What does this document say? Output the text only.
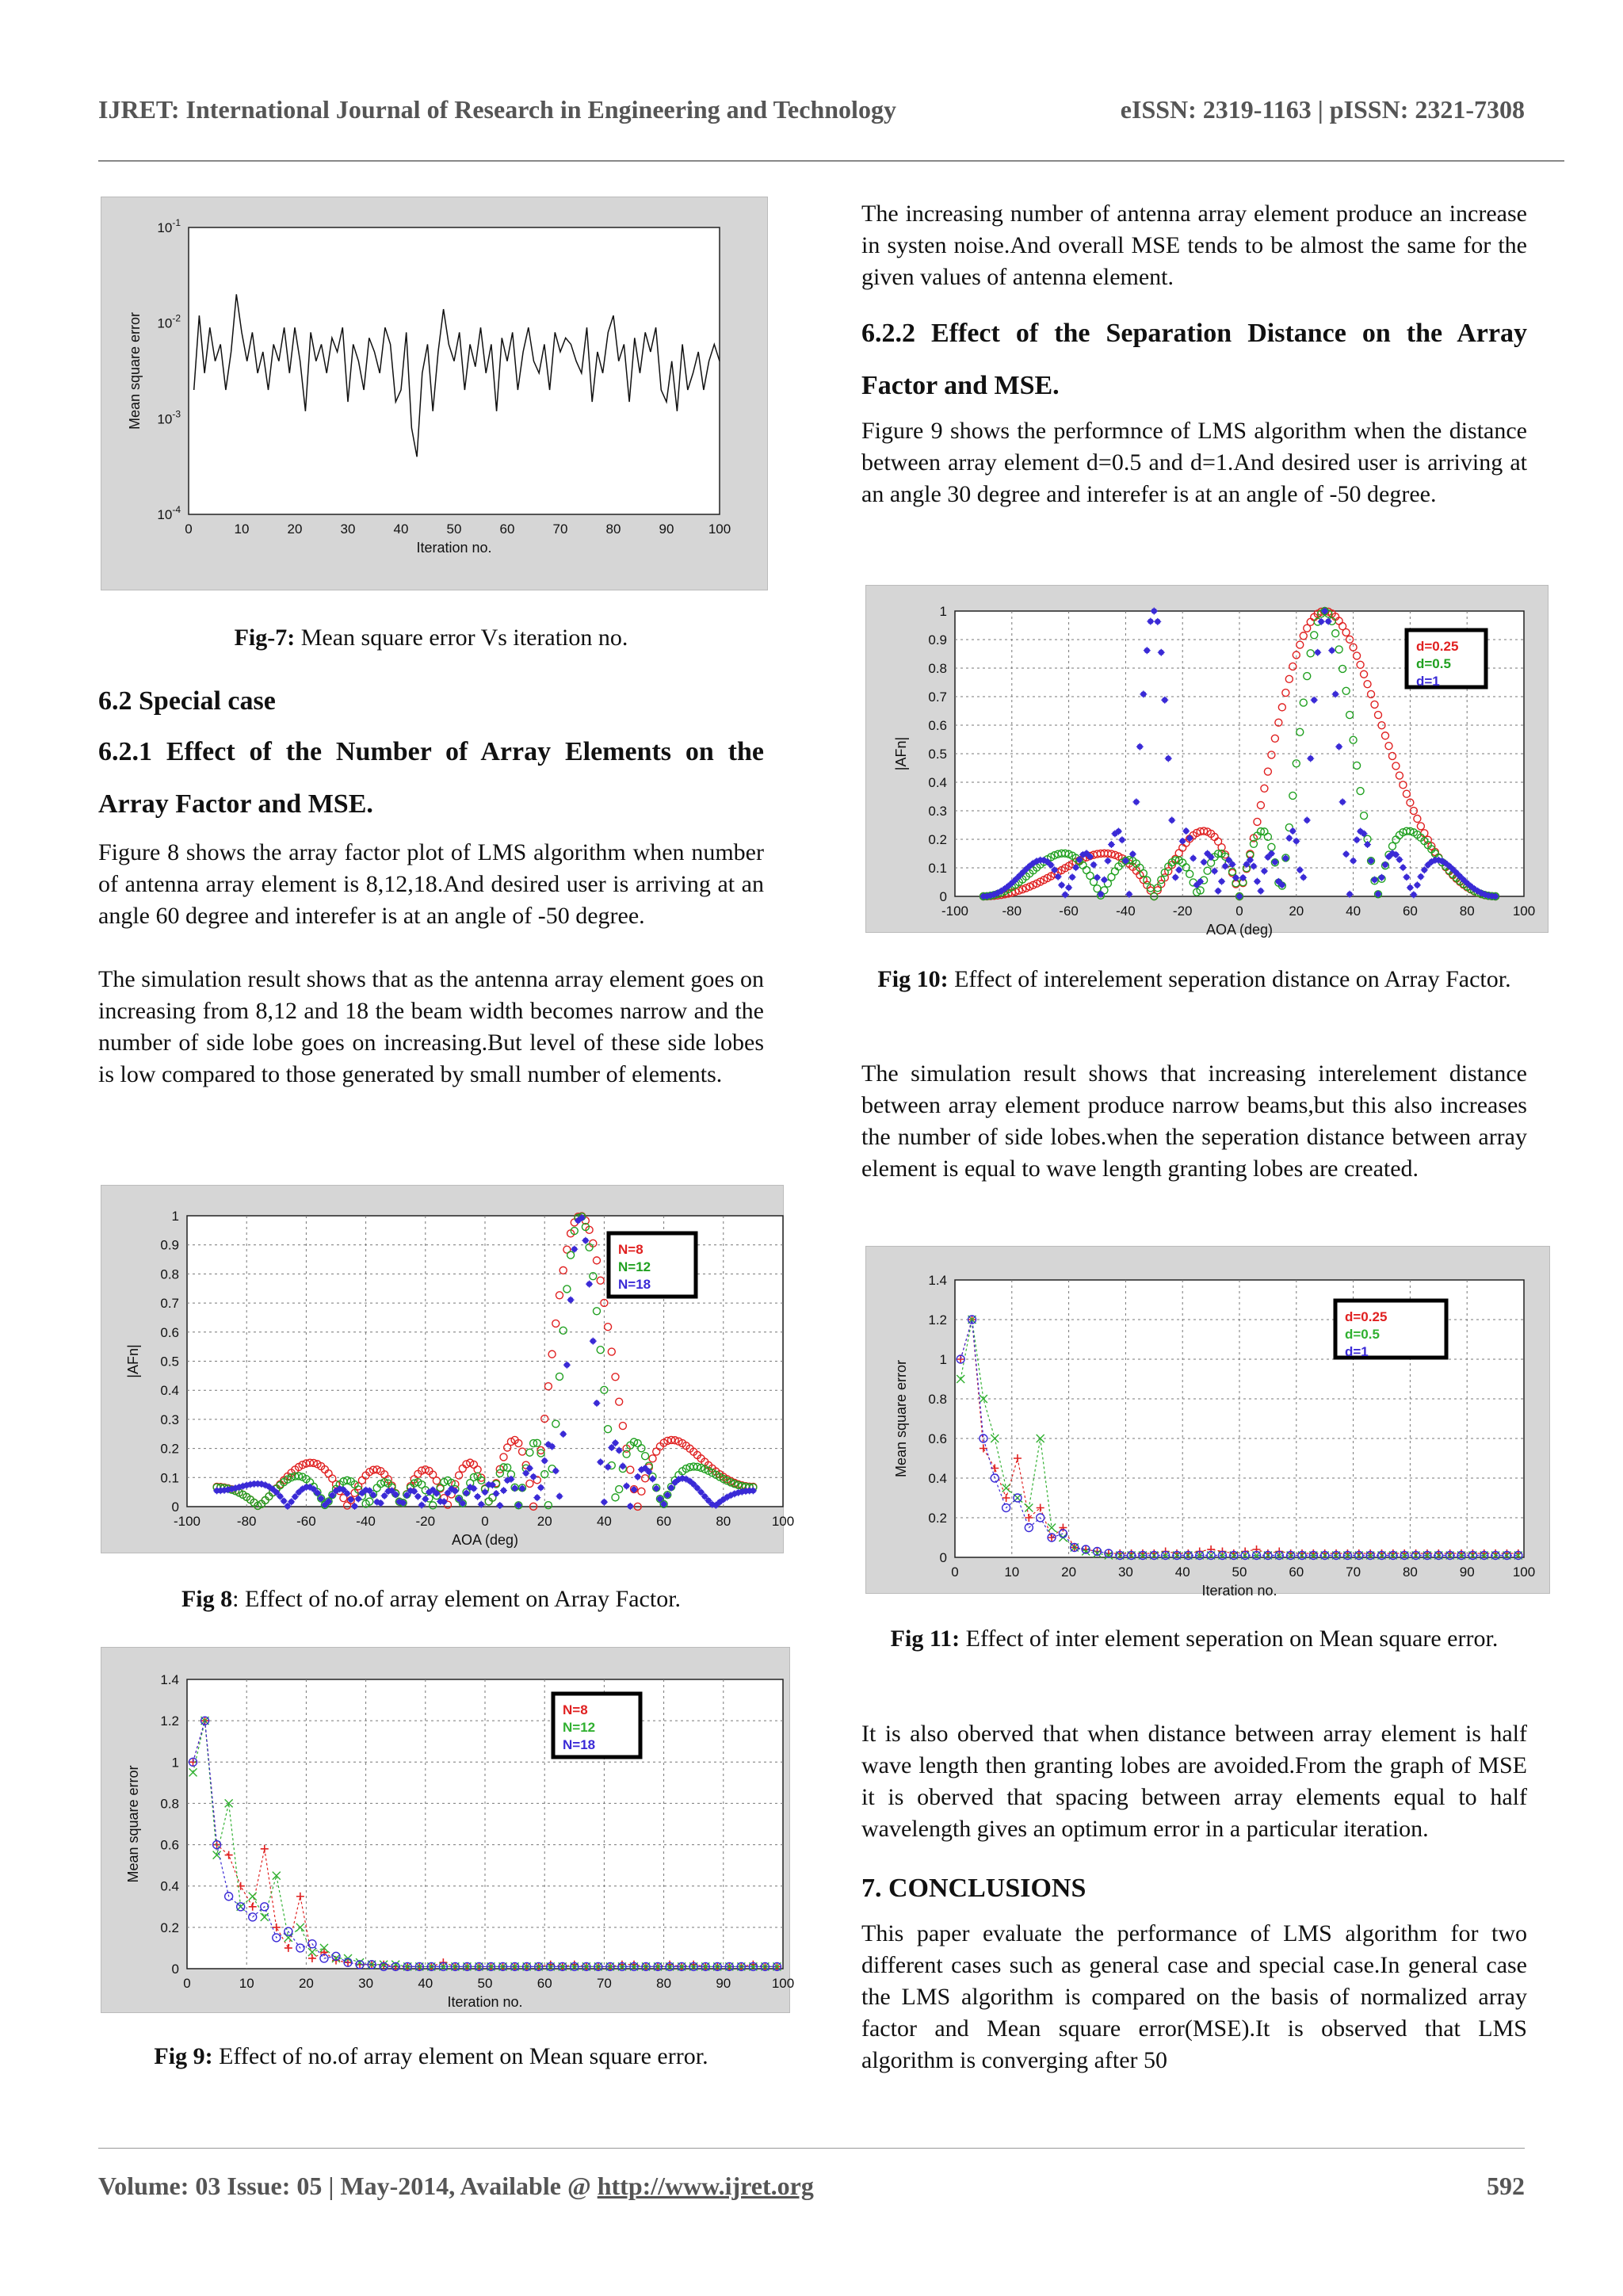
IJRET: International Journal of Research in Engineering and Technology	eISSN: 2319-1163 | pISSN: 2321-7308
0	10	20	30	40	50	60	70	80	90	100
$10^{-4}$
$10^{-3}$
$10^{-2}$
$10^{-1}$
Iteration no.
Mean square error
Fig-7: Mean square error Vs iteration no.

6.2 Special case

6.2.1 Effect of the Number of Array Elements on the Array Factor and MSE.

Figure 8 shows the array factor plot of LMS algorithm when number of antenna array element is 8,12,18.And desired user is arriving at an angle 60 degree and interefer is at an angle of -50 degree.

The simulation result shows that as the antenna array element goes on increasing from 8,12 and 18 the beam width becomes narrow and the number of side lobe goes on increasing.But level of these side lobes is low compared to those generated by small number of elements.

-100	-80	-60	-40	-20	0	20	40	60	80	100
0
0.1
0.2
0.3
0.4
0.5
0.6
0.7
0.8
0.9
1
AOA (deg)
|AFn|
N=8
N=12
N=18
Fig 8: Effect of no.of array element on Array Factor.
0	10	20	30	40	50	60	70	80	90	100
0
0.2
0.4
0.6
0.8
1
1.2
1.4
Iteration no.
Mean square error
N=8
N=12
N=18
Fig 9: Effect of no.of array element on Mean square error.

The increasing number of antenna array element produce an increase in systen noise.And overall MSE tends to be almost the same for the given values of antenna element.

6.2.2 Effect of the Separation Distance on the Array Factor and MSE.

Figure 9 shows the performnce of LMS algorithm when the distance between array element d=0.5 and d=1.And desired user is arriving at an angle 30 degree and interefer is at an angle of -50 degree.

-100 -80	-60	-40	-20	0	20	40	60	80	100
0
0.1
0.2
0.3
0.4
0.5
0.6
0.7
0.8
0.9
1
AOA (deg)
|AFn|
d=0.25
d=0.5
d=1
Fig 10: Effect of interelement seperation distance on Array Factor.

The simulation result shows that increasing interelement distance between array element produce narrow beams,but this also increases the number of side lobes.when the seperation distance between array element is equal to wave length granting lobes are created.

0	10	20	30	40	50	60	70	80	90	100
0
0.2
0.4
0.6
0.8
1
1.2
1.4
Iteration no.
Mean square error
d=0.25
d=0.5
d=1
Fig 11: Effect of inter element seperation on Mean square error.

It is also oberved that when distance between array element is half wave length then granting lobes are avoided.From the graph of MSE it is oberved that spacing between array elements equal to half wavelength gives an optimum error in a particular iteration.

7. CONCLUSIONS

This paper evaluate the performance of LMS algorithm for two different cases such as general case and special case.In general case the LMS algorithm is compared on the basis of normalized array factor and Mean square error(MSE).It is observed that LMS algorithm is converging after 50

Volume: 03 Issue: 05 | May-2014, Available @ http://www.ijret.org	592
